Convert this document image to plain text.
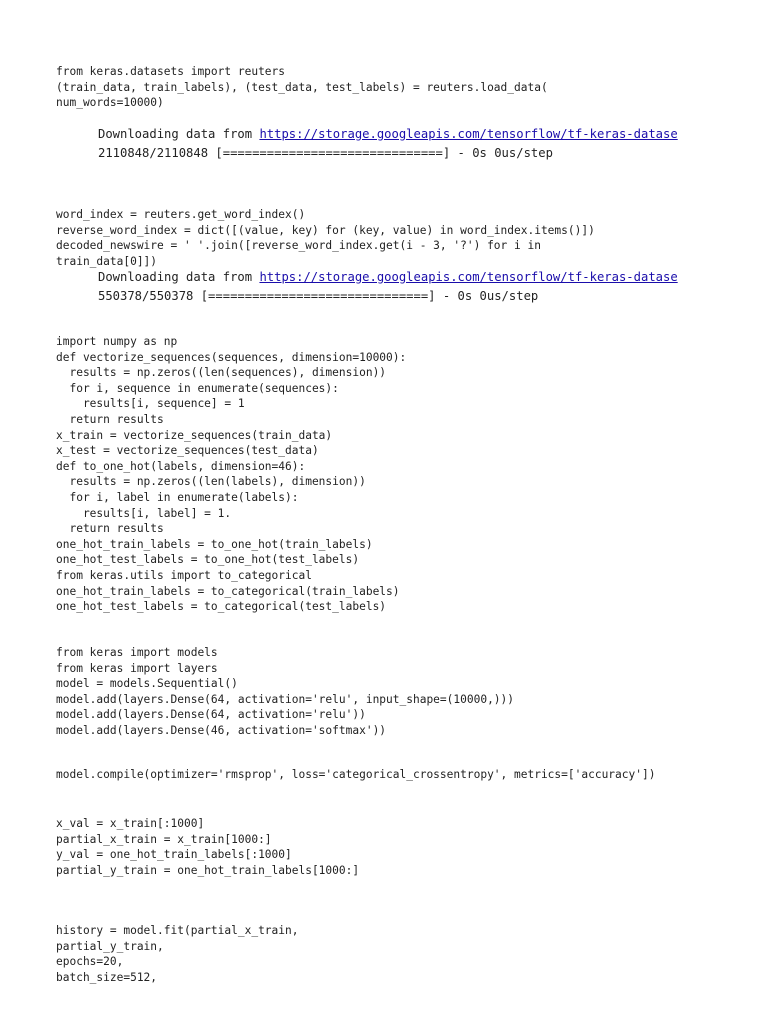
from keras.datasets import reuters
(train_data, train_labels), (test_data, test_labels) = reuters.load_data(
num_words=10000)
Downloading data from https://storage.googleapis.com/tensorflow/tf-keras-datase
2110848/2110848 [==============================] - 0s 0us/step
word_index = reuters.get_word_index()
reverse_word_index = dict([(value, key) for (key, value) in word_index.items()])
decoded_newswire = ' '.join([reverse_word_index.get(i - 3, '?') for i in
train_data[0]])
Downloading data from https://storage.googleapis.com/tensorflow/tf-keras-datase
550378/550378 [==============================] - 0s 0us/step
import numpy as np
def vectorize_sequences(sequences, dimension=10000):
results = np.zeros((len(sequences), dimension))
for i, sequence in enumerate(sequences):
results[i, sequence] = 1
return results
x_train = vectorize_sequences(train_data)
x_test = vectorize_sequences(test_data)
def to_one_hot(labels, dimension=46):
results = np.zeros((len(labels), dimension))
for i, label in enumerate(labels):
results[i, label] = 1.
return results
one_hot_train_labels = to_one_hot(train_labels)
one_hot_test_labels = to_one_hot(test_labels)
from keras.utils import to_categorical
one_hot_train_labels = to_categorical(train_labels)
one_hot_test_labels = to_categorical(test_labels)
from keras import models
from keras import layers
model = models.Sequential()
model.add(layers.Dense(64, activation='relu', input_shape=(10000,)))
model.add(layers.Dense(64, activation='relu'))
model.add(layers.Dense(46, activation='softmax'))
model.compile(optimizer='rmsprop', loss='categorical_crossentropy', metrics=['accuracy'])
x_val = x_train[:1000]
partial_x_train = x_train[1000:]
y_val = one_hot_train_labels[:1000]
partial_y_train = one_hot_train_labels[1000:]
history = model.fit(partial_x_train,
partial_y_train,
epochs=20,
batch_size=512,
